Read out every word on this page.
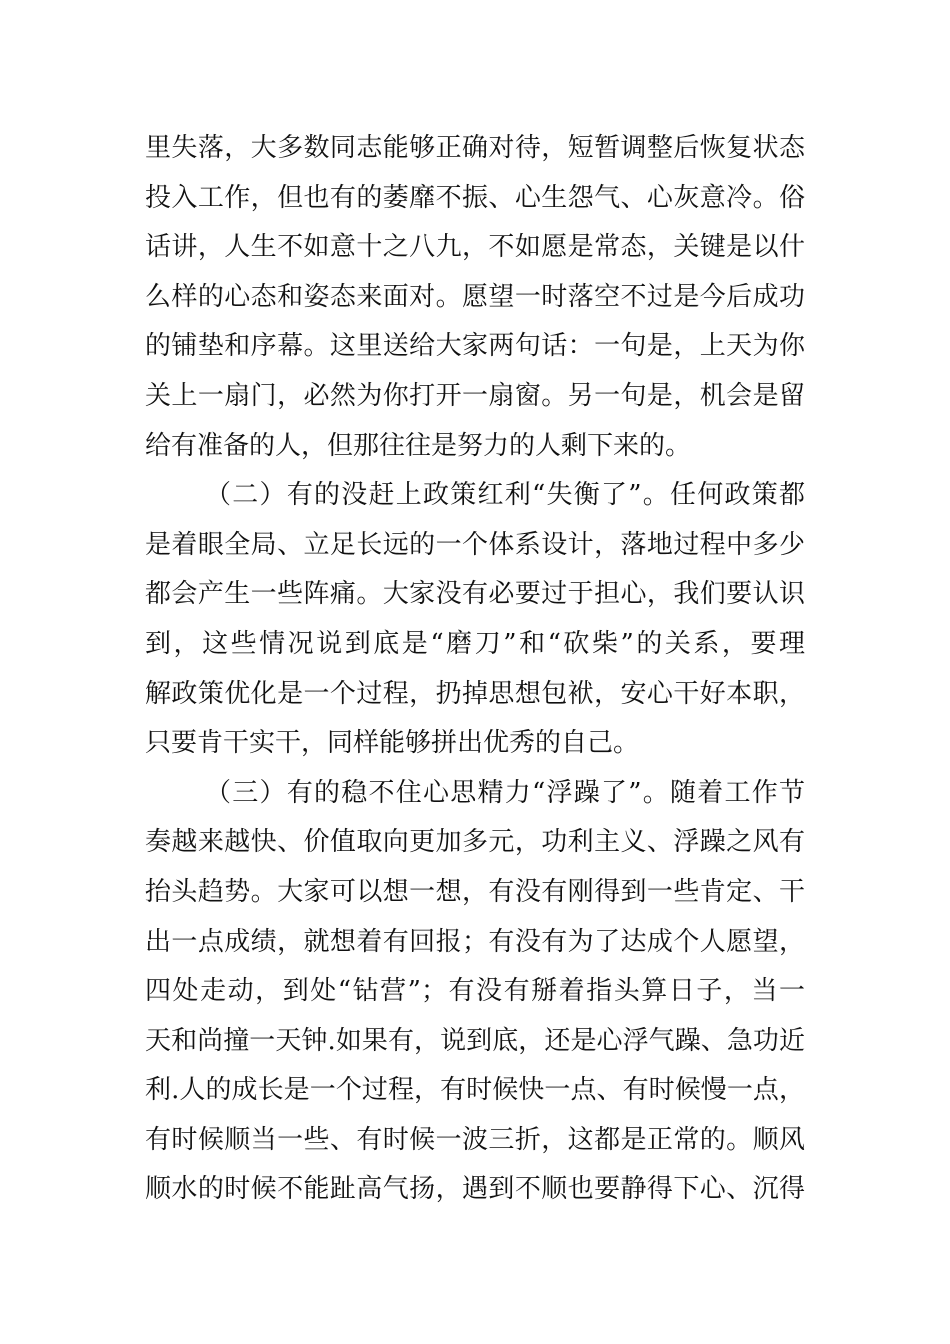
里失落，大多数同志能够正确对待，短暂调整后恢复状态
投入工作，但也有的萎靡不振、心生怨气、心灰意冷。俗
话讲，人生不如意十之八九，不如愿是常态，关键是以什
么样的心态和姿态来面对。愿望一时落空不过是今后成功
的铺垫和序幕。这里送给大家两句话：一句是，上天为你
关上一扇门，必然为你打开一扇窗。另一句是，机会是留
给有准备的人，但那往往是努力的人剩下来的。
（二）有的没赶上政策红利“失衡了”。任何政策都
是着眼全局、立足长远的一个体系设计，落地过程中多少
都会产生一些阵痛。大家没有必要过于担心，我们要认识
到，这些情况说到底是“磨刀”和“砍柴”的关系，要理
解政策优化是一个过程，扔掉思想包袱，安心干好本职，
只要肯干实干，同样能够拼出优秀的自己。
（三）有的稳不住心思精力“浮躁了”。随着工作节
奏越来越快、价值取向更加多元，功利主义、浮躁之风有
抬头趋势。大家可以想一想，有没有刚得到一些肯定、干
出一点成绩，就想着有回报；有没有为了达成个人愿望，
四处走动，到处“钻营”；有没有掰着指头算日子，当一
天和尚撞一天钟.如果有，说到底，还是心浮气躁、急功近
利.人的成长是一个过程，有时候快一点、有时候慢一点，
有时候顺当一些、有时候一波三折，这都是正常的。顺风
顺水的时候不能趾高气扬，遇到不顺也要静得下心、沉得
